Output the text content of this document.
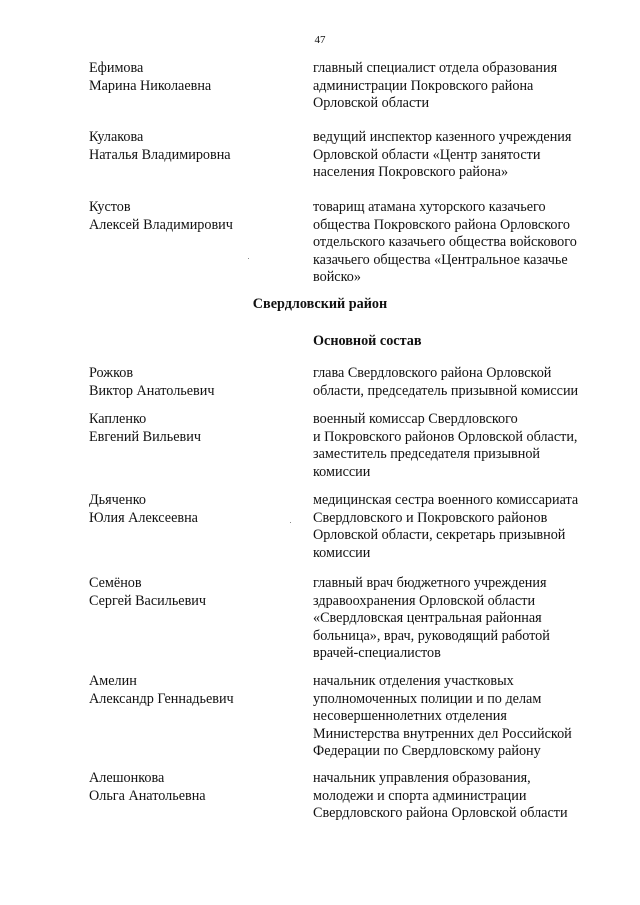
47
Ефимова
Марина Николаевна
главный специалист отдела образования
администрации Покровского района
Орловской области
Кулакова
Наталья Владимировна
ведущий инспектор казенного учреждения
Орловской области «Центр занятости
населения Покровского района»
Кустов
Алексей Владимирович
товарищ атамана хуторского казачьего
общества Покровского района Орловского
отдельского казачьего общества войскового
казачьего общества «Центральное казачье
войско»
Свердловский район
Основной состав
Рожков
Виктор Анатольевич
глава Свердловского района Орловской
области, председатель призывной комиссии
Капленко
Евгений Вильевич
военный комиссар Свердловского
и Покровского районов Орловской области,
заместитель председателя призывной
комиссии
Дьяченко
Юлия Алексеевна
медицинская сестра военного комиссариата
Свердловского и Покровского районов
Орловской области, секретарь призывной
комиссии
Семёнов
Сергей Васильевич
главный врач бюджетного учреждения
здравоохранения Орловской области
«Свердловская центральная районная
больница», врач, руководящий работой
врачей-специалистов
Амелин
Александр Геннадьевич
начальник отделения участковых
уполномоченных полиции и по делам
несовершеннолетних отделения
Министерства внутренних дел Российской
Федерации по Свердловскому району
Алешонкова
Ольга Анатольевна
начальник управления образования,
молодежи и спорта администрации
Свердловского района Орловской области
